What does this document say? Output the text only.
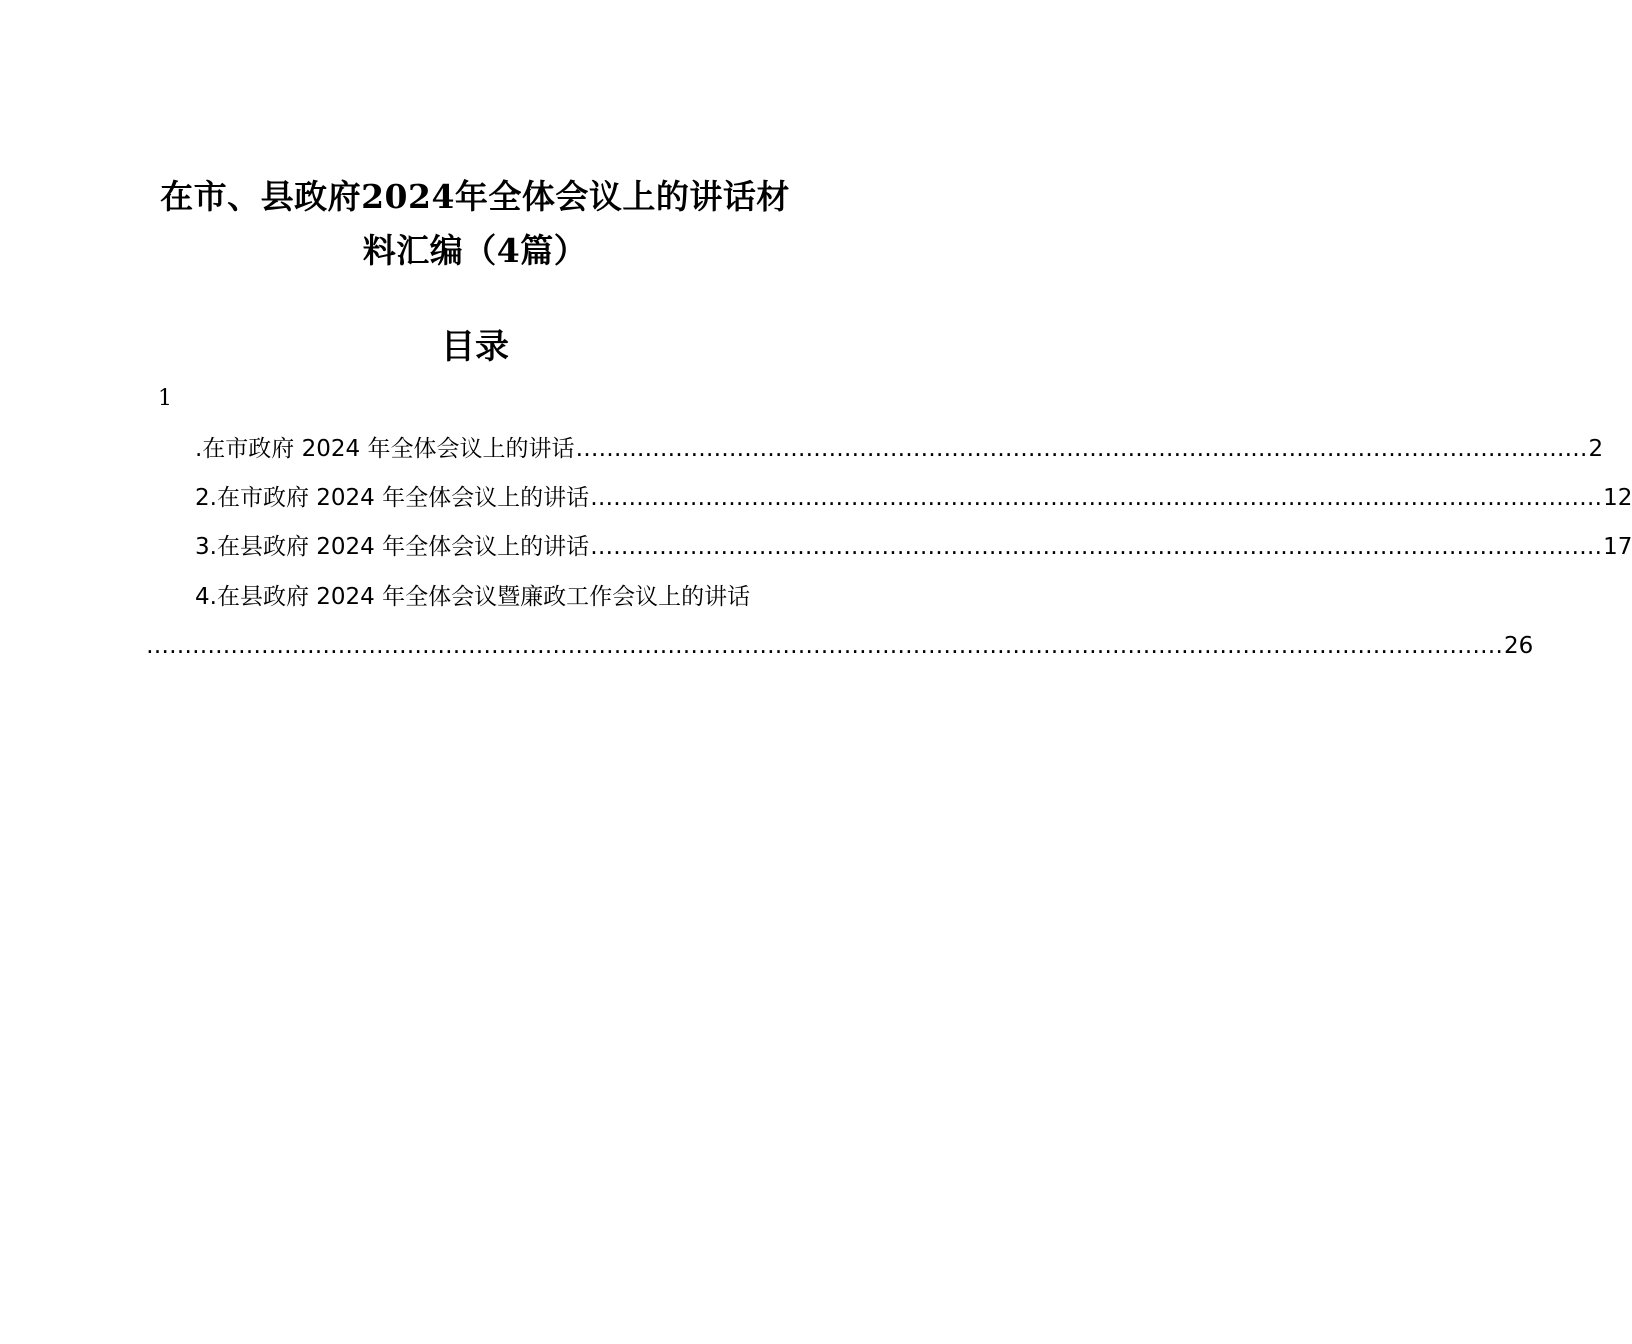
在市、县政府2024年全体会议上的讲话材
料汇编（4篇）
目录
1
.在市政府 2024 年全体会议上的讲话 …………………………………………………………………………………………………………………… 2
2.在市政府 2024 年全体会议上的讲话 …………………………………………………………………………………………………………………… 12
3.在县政府 2024 年全体会议上的讲话 …………………………………………………………………………………………………………………… 17
4.在县政府 2024 年全体会议暨廉政工作会议上的讲话
…………………………………………………………………………………………………………………………………………………………… 26
